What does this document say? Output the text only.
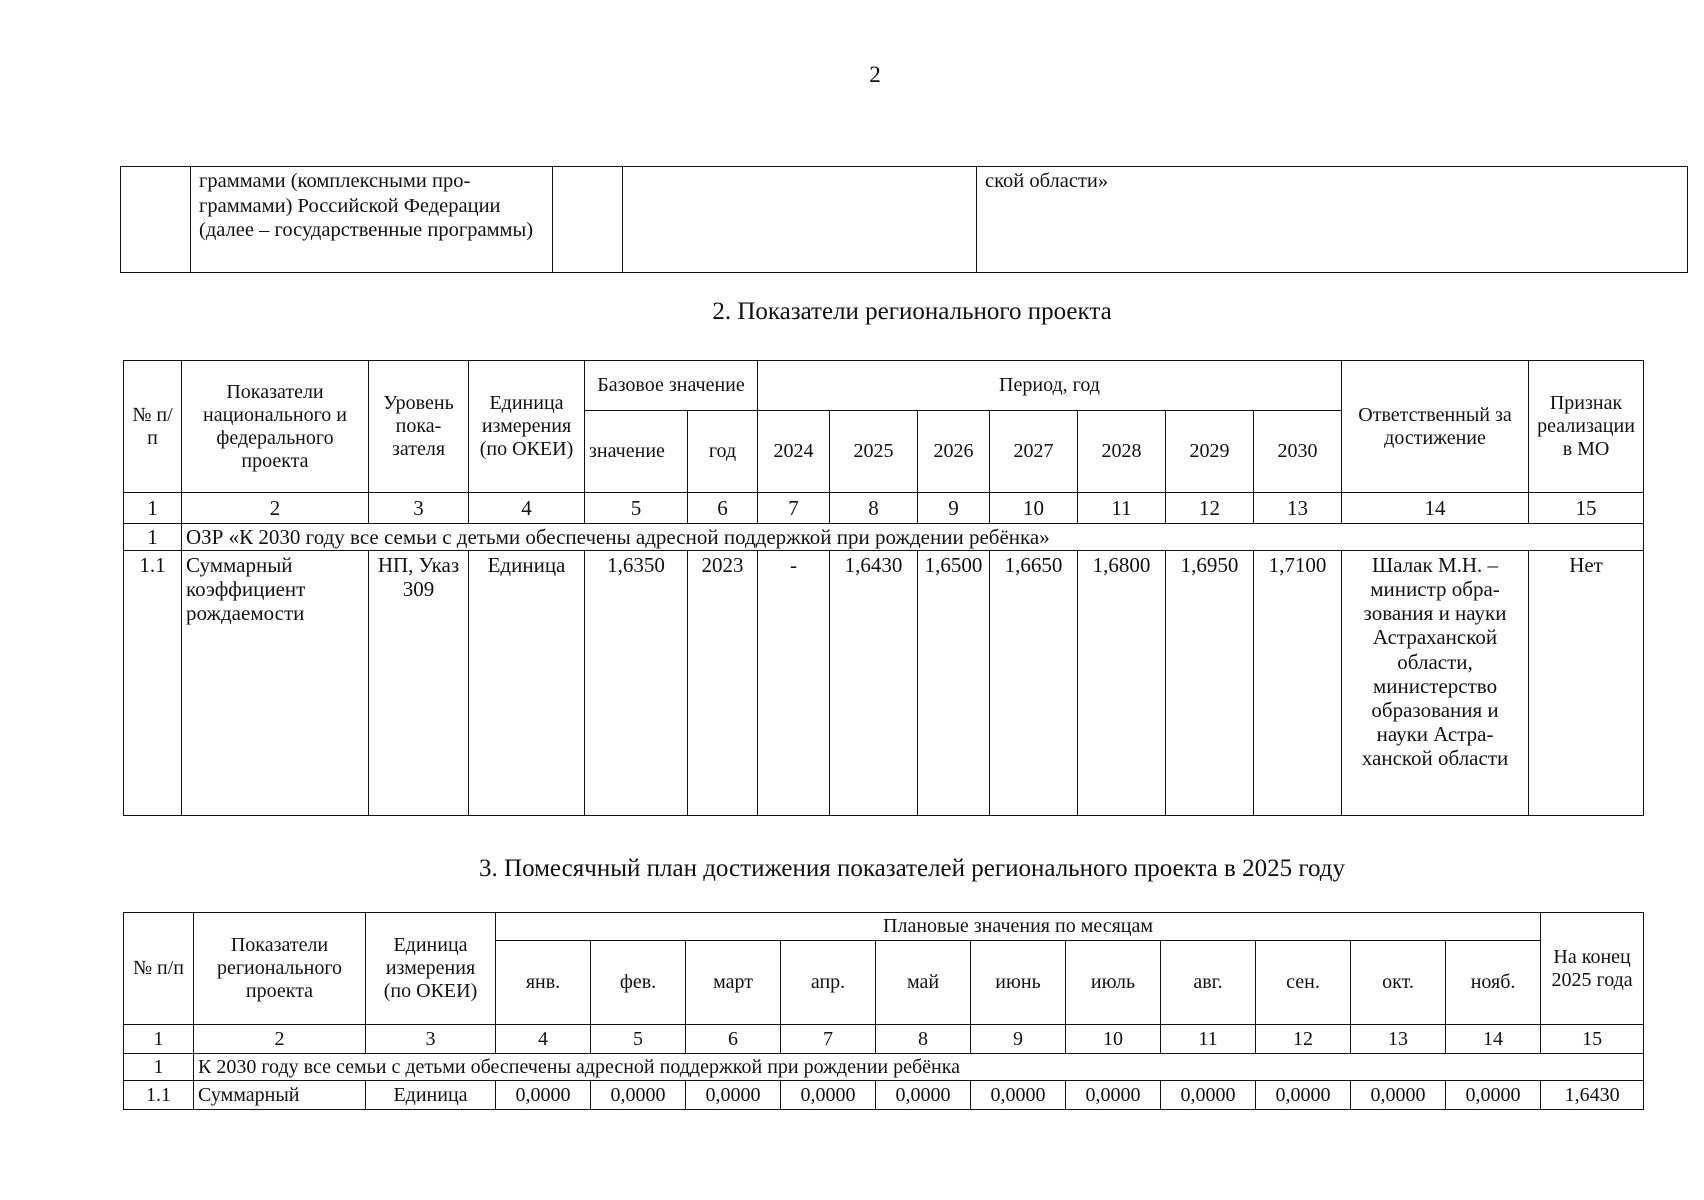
2
	граммами (комплексными программами) Российской Федерации (далее – государственные программы)			ской области»
2. Показатели регионального проекта
№ п/п	Показатели национального и федерального проекта	Уровень показателя	Единица измерения (по ОКЕИ)	Базовое значение		Период, год							Ответственный за достижение	Признак реализации в МО
				значение	год	2024	2025	2026	2027	2028	2029	2030		
1	2	3	4	5	6	7	8	9	10	11	12	13	14	15
1	ОЗР «К 2030 году все семьи с детьми обеспечены адресной поддержкой при рождении ребёнка»													
1.1	Суммарный коэффициент рождаемости	НП, Указ 309	Единица	1,6350	2023	-	1,6430	1,6500	1,6650	1,6800	1,6950	1,7100	Шалак М.Н. – министр образования и науки Астраханской области, министерство образования и науки Астраханской области	Нет
3. Помесячный план достижения показателей регионального проекта в 2025 году
№ п/п	Показатели регионального проекта	Единица измерения (по ОКЕИ)	Плановые значения по месяцам											На конец 2025 года
			янв.	фев.	март	апр.	май	июнь	июль	авг.	сен.	окт.	нояб.	
1	2	3	4	5	6	7	8	9	10	11	12	13	14	15
1	К 2030 году все семьи с детьми обеспечены адресной поддержкой при рождении ребёнка													
1.1	Суммарный	Единица	0,0000	0,0000	0,0000	0,0000	0,0000	0,0000	0,0000	0,0000	0,0000	0,0000	0,0000	1,6430
